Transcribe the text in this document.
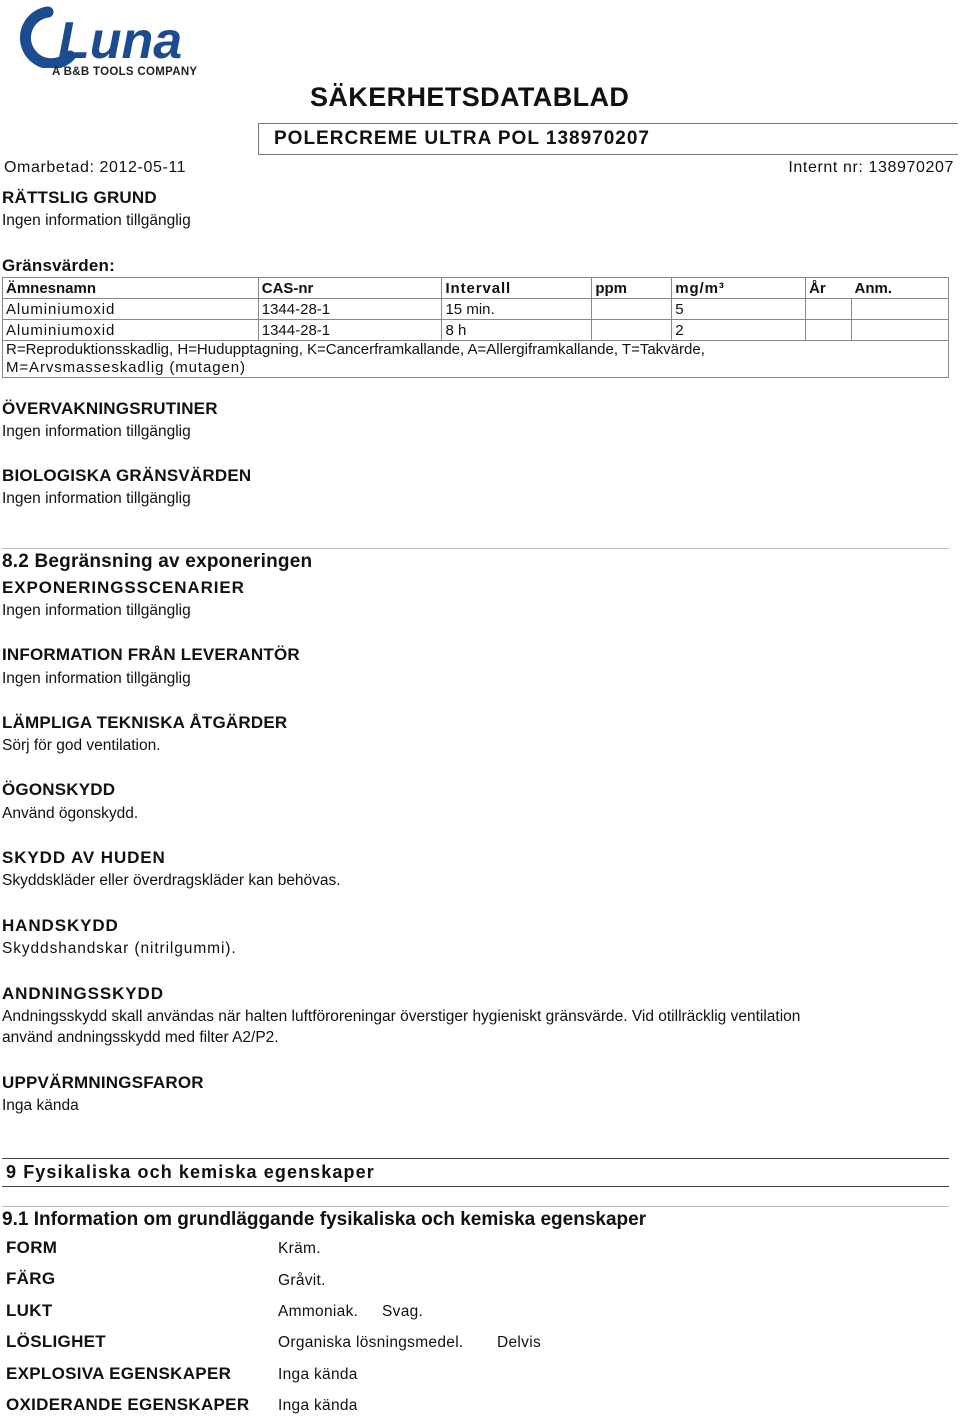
Luna
A B&B TOOLS COMPANY
SÄKERHETSDATABLAD
POLERCREME ULTRA POL 138970207
Omarbetad: 2012-05-11	Internt nr: 138970207
RÄTTSLIG GRUND
Ingen information tillgänglig
Gränsvärden:
Ämnesnamn	CAS-nr	Intervall	ppm	mg/m³	År	Anm.
Aluminiumoxid	1344-28-1	15 min.		5		
Aluminiumoxid	1344-28-1	8 h		2		

R=Reproduktionsskadlig, H=Hudupptagning, K=Cancerframkallande, A=Allergiframkallande, T=Takvärde,
M=Arvsmasseskadlig (mutagen)						
ÖVERVAKNINGSRUTINER
Ingen information tillgänglig
BIOLOGISKA GRÄNSVÄRDEN
Ingen information tillgänglig
8.2 Begränsning av exponeringen
EXPONERINGSSCENARIER
Ingen information tillgänglig
INFORMATION FRÅN LEVERANTÖR
Ingen information tillgänglig
LÄMPLIGA TEKNISKA ÅTGÄRDER
Sörj för god ventilation.
ÖGONSKYDD
Använd ögonskydd.
SKYDD AV HUDEN
Skyddskläder eller överdragskläder kan behövas.
HANDSKYDD
Skyddshandskar (nitrilgummi).
ANDNINGSSKYDD
Andningsskydd skall användas när halten luftföroreningar överstiger hygieniskt gränsvärde. Vid otillräcklig ventilation
använd andningsskydd med filter A2/P2.
UPPVÄRMNINGSFAROR
Inga kända
9 Fysikaliska och kemiska egenskaper
9.1 Information om grundläggande fysikaliska och kemiska egenskaper
FORM	Kräm.
FÄRG	Gråvit.
LUKT	Ammoniak. Svag.
LÖSLIGHET	Organiska lösningsmedel. Delvis
EXPLOSIVA EGENSKAPER	Inga kända
OXIDERANDE EGENSKAPER Inga kända
